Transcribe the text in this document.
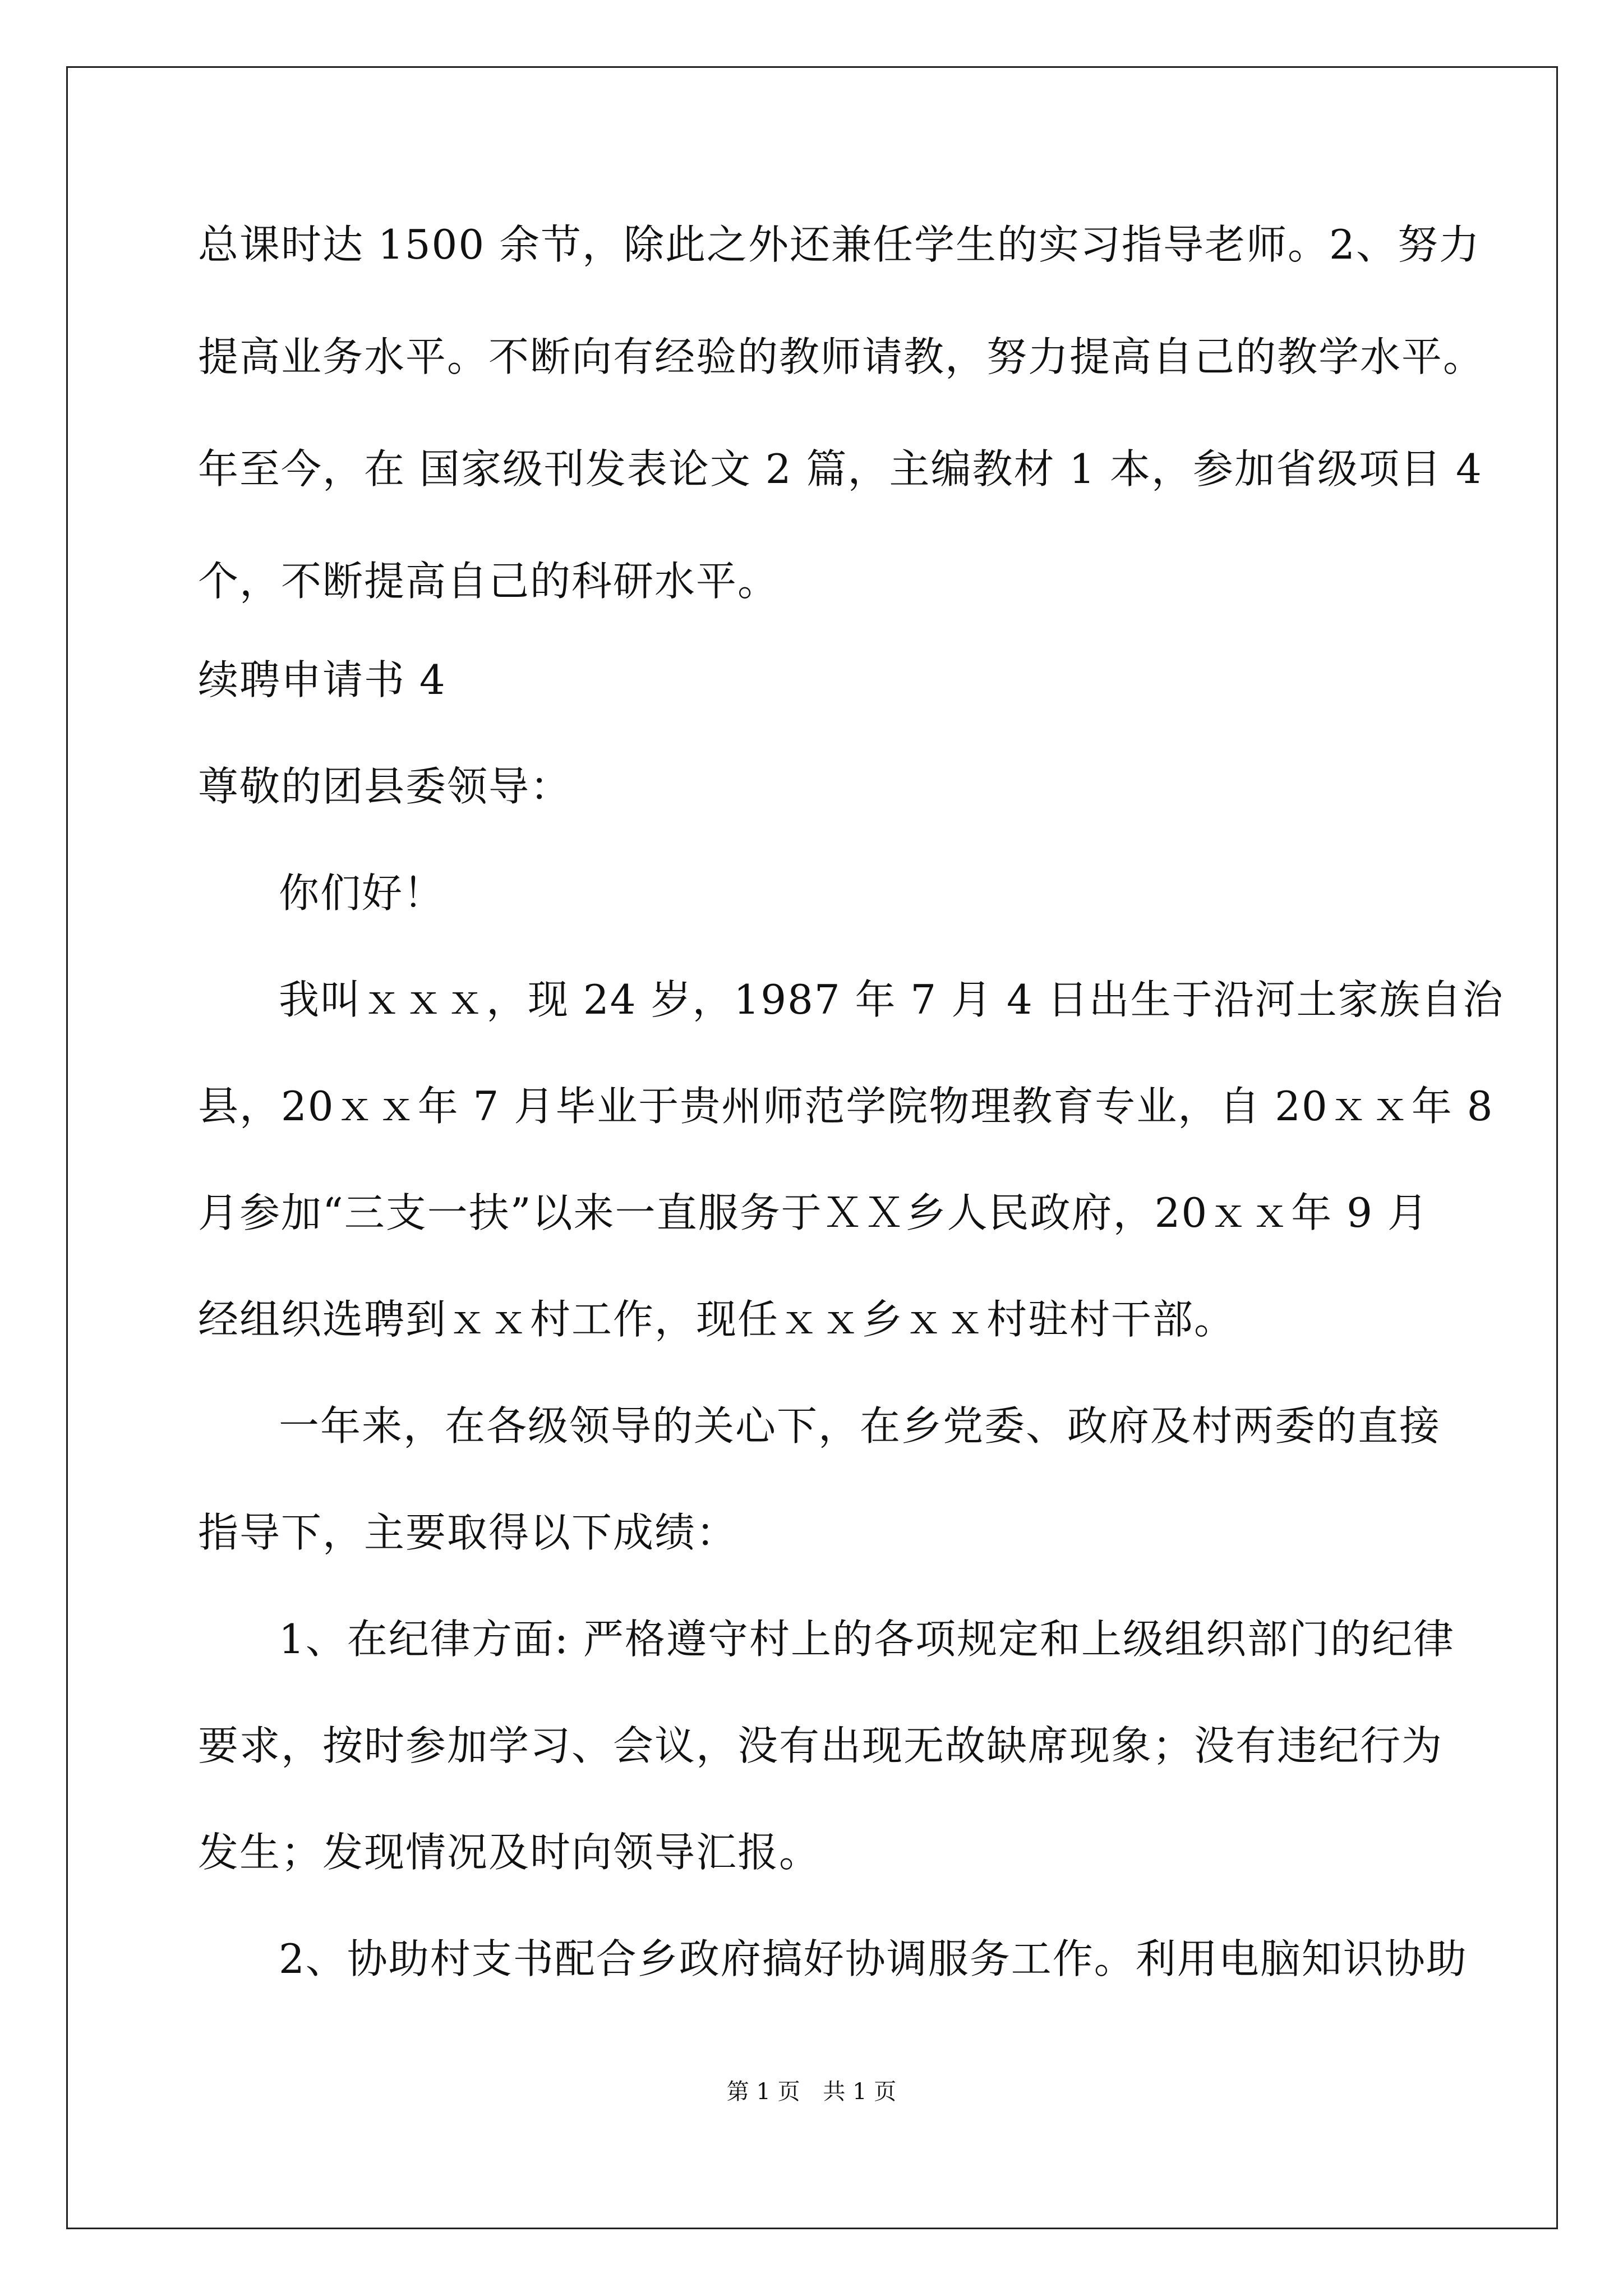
总课时达 1500 余节，除此之外还兼任学生的实习指导老师。2、努力

提高业务水平。不断向有经验的教师请教，努力提高自己的教学水平。

年至今，在 国家级刊发表论文 2 篇，主编教材 1 本，参加省级项目 4

个，不断提高自己的科研水平。

续聘申请书 4

尊敬的团县委领导：

你们好！

我叫ｘｘｘ，现 24 岁，1987 年 7 月 4 日出生于沿河土家族自治

县，20ｘｘ年 7 月毕业于贵州师范学院物理教育专业，自 20ｘｘ年 8

月参加“三支一扶”以来一直服务于ＸＸ乡人民政府，20ｘｘ年 9 月

经组织选聘到ｘｘ村工作，现任ｘｘ乡ｘｘ村驻村干部。

一年来，在各级领导的关心下，在乡党委、政府及村两委的直接

指导下，主要取得以下成绩：

1、在纪律方面: 严格遵守村上的各项规定和上级组织部门的纪律

要求，按时参加学习、会议，没有出现无故缺席现象；没有违纪行为

发生；发现情况及时向领导汇报。

2、协助村支书配合乡政府搞好协调服务工作。利用电脑知识协助

第 1 页 共 1 页
